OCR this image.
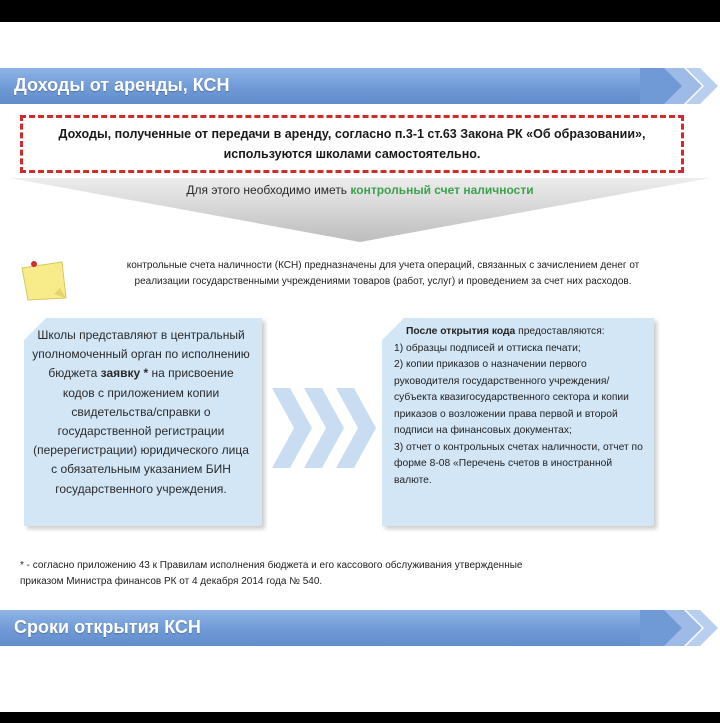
Доходы от аренды, КСН
Доходы, полученные от передачи в аренду, согласно п.3-1 ст.63 Закона РК «Об образовании»,
используются школами самостоятельно.
Для этого необходимо иметь контрольный счет наличности
контрольные счета наличности (КСН) предназначены для учета операций, связанных с зачислением денег от
реализации государственными учреждениями товаров (работ, услуг) и проведением за счет них расходов.
Школы представляют в центральный уполномоченный орган по исполнению бюджета заявку * на присвоение кодов с приложением копии свидетельства/справки о государственной регистрации (перерегистрации) юридического лица с обязательным указанием БИН государственного учреждения.
После открытия кода предоставляются:
1) образцы подписей и оттиска печати;
2) копии приказов о назначении первого руководителя государственного учреждения/субъекта квазигосударственного сектора и копии приказов о возложении права первой и второй подписи на финансовых документах;
3) отчет о контрольных счетах наличности, отчет по форме 8-08 «Перечень счетов в иностранной валюте.
* - согласно приложению 43 к Правилам исполнения бюджета и его кассового обслуживания утвержденные
приказом Министра финансов РК от 4 декабря 2014 года № 540.
Сроки открытия КСН
